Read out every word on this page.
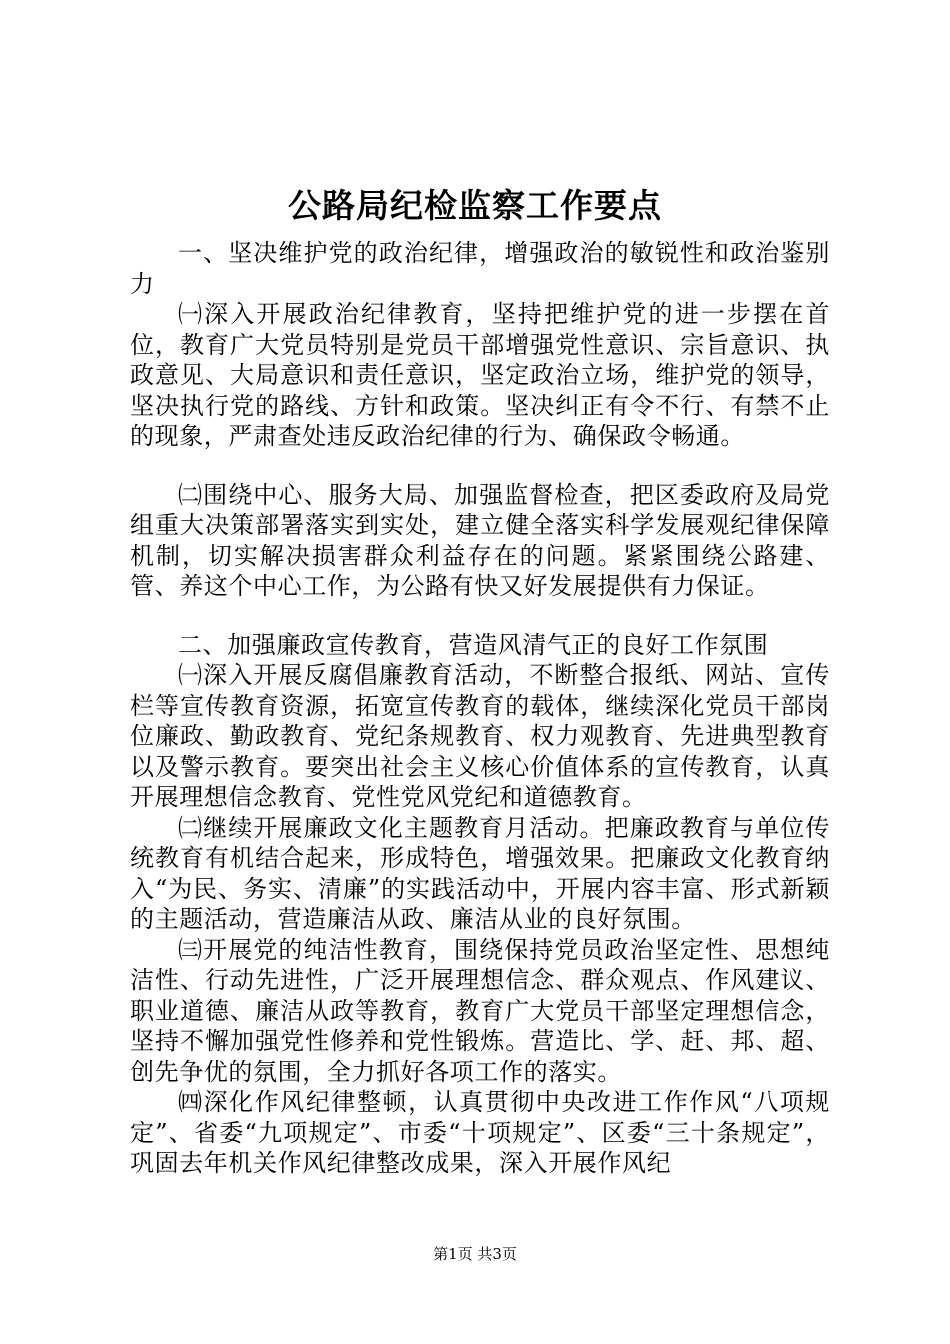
公路局纪检监察工作要点

一、坚决维护党的政治纪律，增强政治的敏锐性和政治鉴别力

㈠深入开展政治纪律教育，坚持把维护党的进一步摆在首位，教育广大党员特别是党员干部增强党性意识、宗旨意识、执政意见、大局意识和责任意识，坚定政治立场，维护党的领导，坚决执行党的路线、方针和政策。坚决纠正有令不行、有禁不止的现象，严肃查处违反政治纪律的行为、确保政令畅通。

㈡围绕中心、服务大局、加强监督检查，把区委政府及局党组重大决策部署落实到实处，建立健全落实科学发展观纪律保障机制，切实解决损害群众利益存在的问题。紧紧围绕公路建、管、养这个中心工作，为公路有快又好发展提供有力保证。

二、加强廉政宣传教育，营造风清气正的良好工作氛围

㈠深入开展反腐倡廉教育活动，不断整合报纸、网站、宣传栏等宣传教育资源，拓宽宣传教育的载体，继续深化党员干部岗位廉政、勤政教育、党纪条规教育、权力观教育、先进典型教育以及警示教育。要突出社会主义核心价值体系的宣传教育，认真开展理想信念教育、党性党风党纪和道德教育。

㈡继续开展廉政文化主题教育月活动。把廉政教育与单位传统教育有机结合起来，形成特色，增强效果。把廉政文化教育纳入“为民、务实、清廉”的实践活动中，开展内容丰富、形式新颖的主题活动，营造廉洁从政、廉洁从业的良好氛围。

㈢开展党的纯洁性教育，围绕保持党员政治坚定性、思想纯洁性、行动先进性，广泛开展理想信念、群众观点、作风建议、职业道德、廉洁从政等教育，教育广大党员干部坚定理想信念，坚持不懈加强党性修养和党性锻炼。营造比、学、赶、邦、超、创先争优的氛围，全力抓好各项工作的落实。

㈣深化作风纪律整顿，认真贯彻中央改进工作作风“八项规定”、省委“九项规定”、市委“十项规定”、区委“三十条规定”，巩固去年机关作风纪律整改成果，深入开展作风纪

第1页 共3页
